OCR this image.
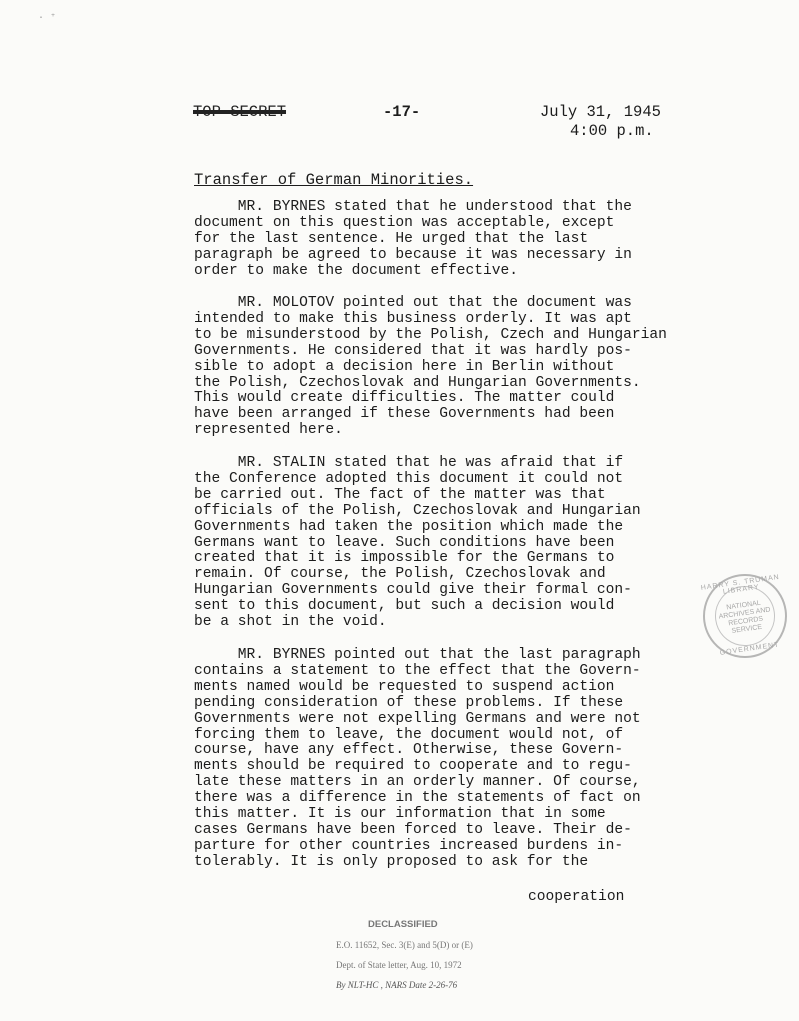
· ⁺
TOP SECRET	-17-	July 31, 1945
4:00 p.m.
Transfer of German Minorities.
MR. BYRNES stated that he understood that the
document on this question was acceptable, except
for the last sentence. He urged that the last
paragraph be agreed to because it was necessary in
order to make the document effective.
MR. MOLOTOV pointed out that the document was
intended to make this business orderly. It was apt
to be misunderstood by the Polish, Czech and Hungarian
Governments. He considered that it was hardly pos-
sible to adopt a decision here in Berlin without
the Polish, Czechoslovak and Hungarian Governments.
This would create difficulties. The matter could
have been arranged if these Governments had been
represented here.
MR. STALIN stated that he was afraid that if
the Conference adopted this document it could not
be carried out. The fact of the matter was that
officials of the Polish, Czechoslovak and Hungarian
Governments had taken the position which made the
Germans want to leave. Such conditions have been
created that it is impossible for the Germans to
remain. Of course, the Polish, Czechoslovak and
Hungarian Governments could give their formal con-
sent to this document, but such a decision would
be a shot in the void.
MR. BYRNES pointed out that the last paragraph
contains a statement to the effect that the Govern-
ments named would be requested to suspend action
pending consideration of these problems. If these
Governments were not expelling Germans and were not
forcing them to leave, the document would not, of
course, have any effect. Otherwise, these Govern-
ments should be required to cooperate and to regu-
late these matters in an orderly manner. Of course,
there was a difference in the statements of fact on
this matter. It is our information that in some
cases Germans have been forced to leave. Their de-
parture for other countries increased burdens in-
tolerably. It is only proposed to ask for the
cooperation
HARRY S. TRUMAN LIBRARY
NATIONAL
ARCHIVES AND
RECORDS
SERVICE
GOVERNMENT
DECLASSIFIED
E.O. 11652, Sec. 3(E) and 5(D) or (E)
Dept. of State letter, Aug. 10, 1972
By NLT-HC , NARS Date 2-26-76
